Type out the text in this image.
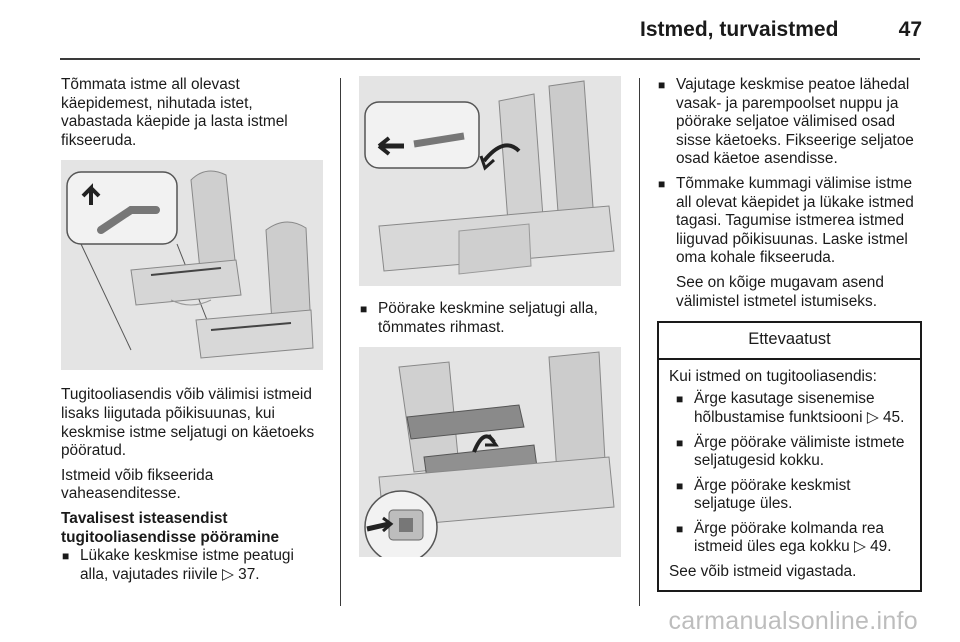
Istmed, turvaistmed	47

Tõmmata istme all olevast
käepidemest, nihutada istet,
vabastada käepide ja lasta istmel
fikseeruda.

Tugitooliasendis võib välimisi istmeid
lisaks liigutada põikisuunas, kui
keskmise istme seljatugi on käetoeks
pööratud.

Istmeid võib fikseerida
vaheasenditesse.

Tavalisest isteasendist
tugitooliasendisse pööramine
■ Lükake keskmise istme peatugi
alla, vajutades riivile ▷ 37.
■ Pöörake keskmine seljatugi alla,
tõmmates rihmast.
■ Vajutage keskmise peatoe lähedal
vasak- ja parempoolset nuppu ja
pöörake seljatoe välimised osad
sisse käetoeks. Fikseerige seljatoe
osad käetoe asendisse.
■ Tõmmake kummagi välimise istme
all olevat käepidet ja lükake istmed
tagasi. Tagumise istmerea istmed
liiguvad põikisuunas. Laske istmel
oma kohale fikseeruda.

See on kõige mugavam asend
välimistel istmetel istumiseks.

Ettevaatust

Kui istmed on tugitooliasendis:

■ Ärge kasutage sisenemise
hõlbustamise funktsiooni ▷ 45.
■ Ärge pöörake välimiste istmete
seljatugesid kokku.
■ Ärge pöörake keskmist
seljatuge üles.
■ Ärge pöörake kolmanda rea
istmeid üles ega kokku ▷ 49.

See võib istmeid vigastada.

carmanualsonline.info
